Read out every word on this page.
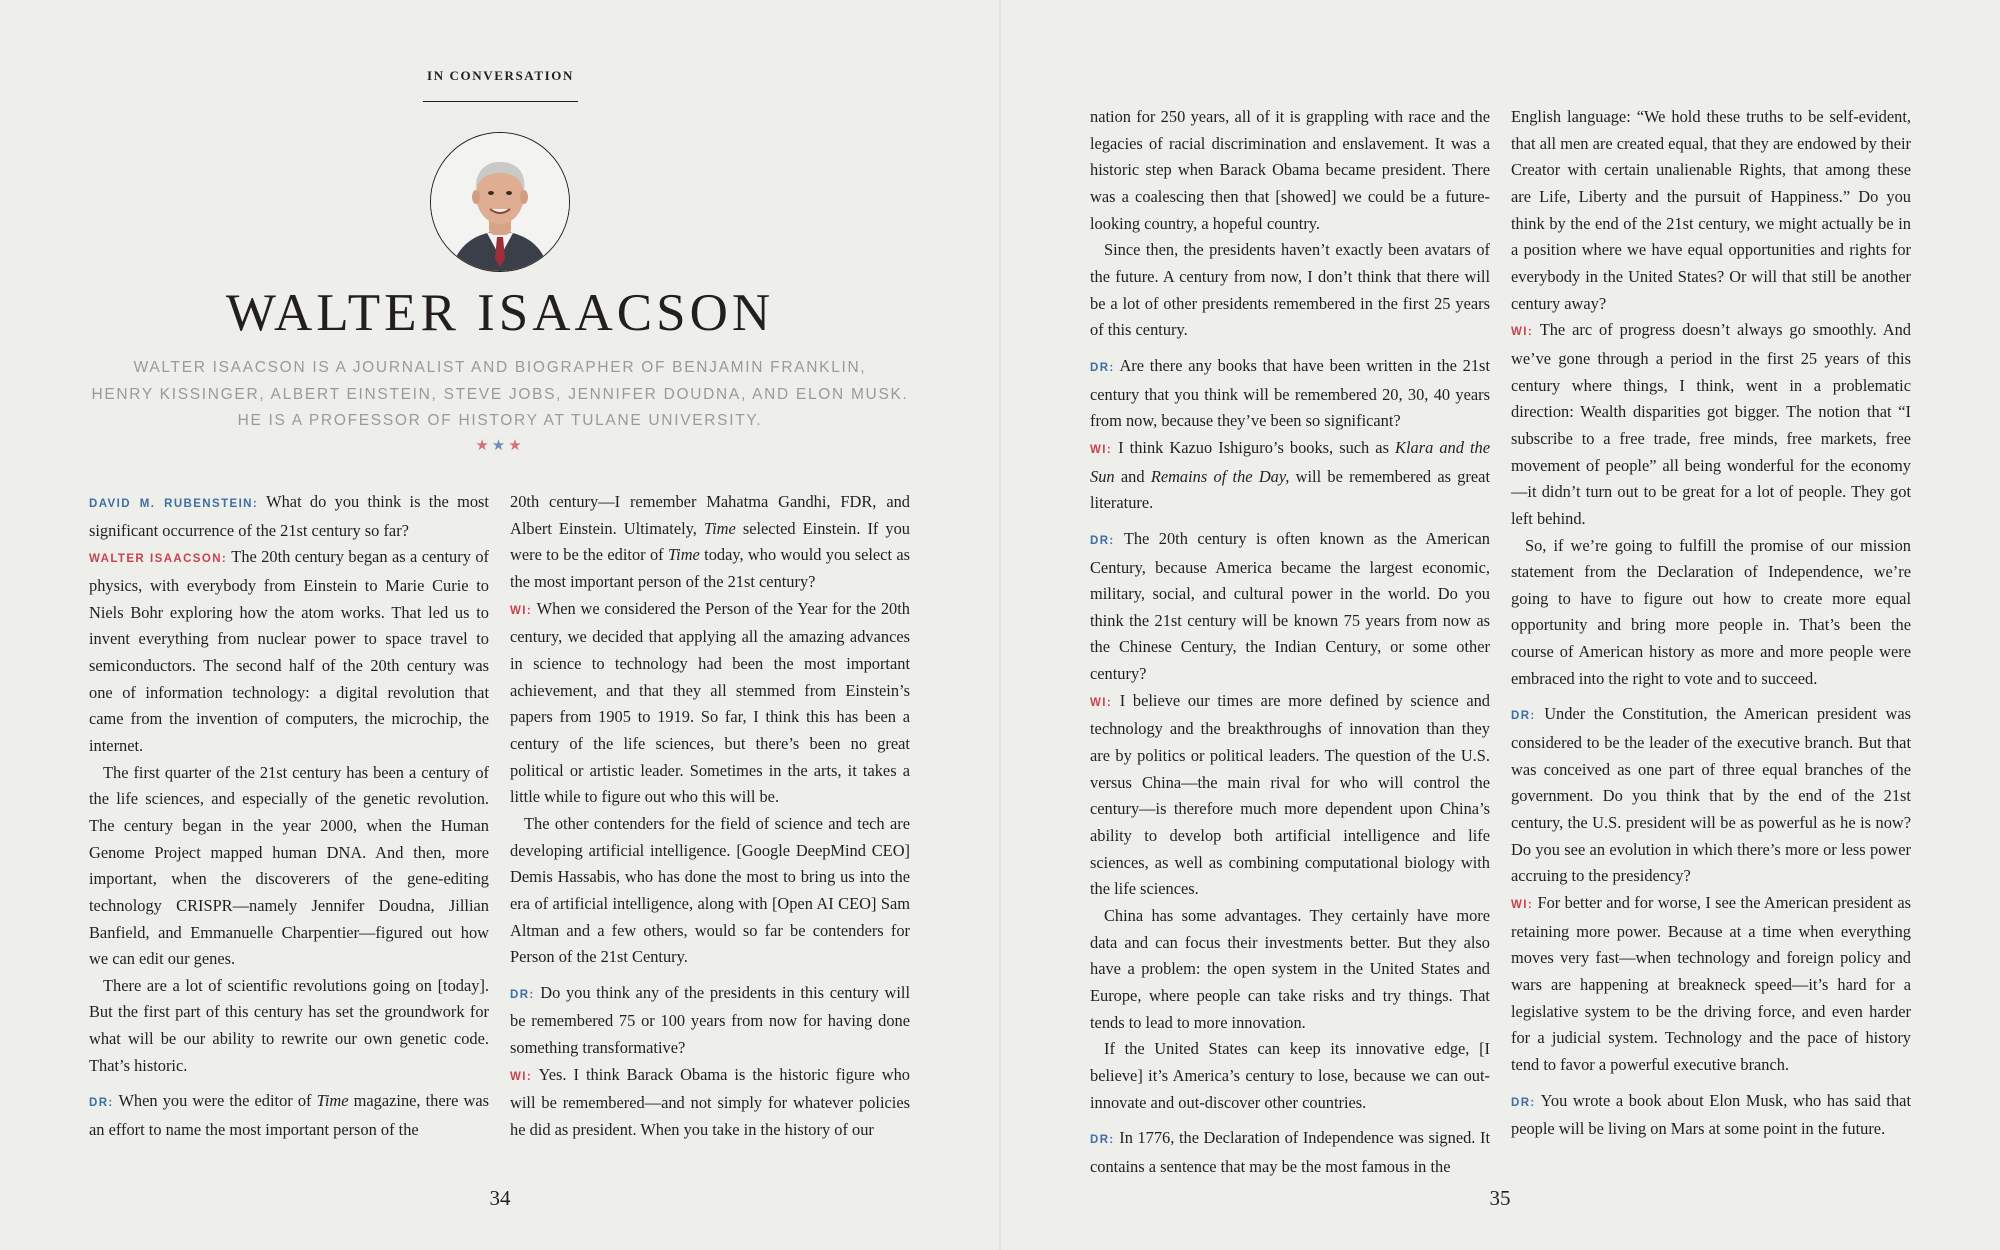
IN CONVERSATION
WALTER ISAACSON
WALTER ISAACSON IS A JOURNALIST AND BIOGRAPHER OF BENJAMIN FRANKLIN,
HENRY KISSINGER, ALBERT EINSTEIN, STEVE JOBS, JENNIFER DOUDNA, AND ELON MUSK.
HE IS A PROFESSOR OF HISTORY AT TULANE UNIVERSITY.
★★★

DAVID M. RUBENSTEIN: What do you think is the most significant occurrence of the 21st century so far?

WALTER ISAACSON: The 20th century began as a century of physics, with everybody from Einstein to Marie Curie to Niels Bohr exploring how the atom works. That led us to invent everything from nuclear power to space travel to semiconductors. The second half of the 20th century was one of information technology: a digital revolution that came from the invention of computers, the microchip, the internet.

The first quarter of the 21st century has been a century of the life sciences, and especially of the genetic revolution. The century began in the year 2000, when the Human Genome Project mapped human DNA. And then, more important, when the discoverers of the gene-editing technology CRISPR—namely Jennifer Doudna, Jillian Banfield, and Emmanuelle Charpentier—figured out how we can edit our genes.

There are a lot of scientific revolutions going on [today]. But the first part of this century has set the groundwork for what will be our ability to rewrite our own genetic code. That’s historic.

DR: When you were the editor of Time magazine, there was an effort to name the most important person of the

20th century—I remember Mahatma Gandhi, FDR, and Albert Einstein. Ultimately, Time selected Einstein. If you were to be the editor of Time today, who would you select as the most important person of the 21st century?

WI: When we considered the Person of the Year for the 20th century, we decided that applying all the amazing advances in science to technology had been the most important achievement, and that they all stemmed from Einstein’s papers from 1905 to 1919. So far, I think this has been a century of the life sciences, but there’s been no great political or artistic leader. Sometimes in the arts, it takes a little while to figure out who this will be.

The other contenders for the field of science and tech are developing artificial intelligence. [Google DeepMind CEO] Demis Hassabis, who has done the most to bring us into the era of artificial intelligence, along with [Open AI CEO] Sam Altman and a few others, would so far be contenders for Person of the 21st Century.

DR: Do you think any of the presidents in this century will be remembered 75 or 100 years from now for having done something transformative?

WI: Yes. I think Barack Obama is the historic figure who will be remembered—and not simply for whatever policies he did as president. When you take in the history of our

34

nation for 250 years, all of it is grappling with race and the legacies of racial discrimination and enslavement. It was a historic step when Barack Obama became president. There was a coalescing then that [showed] we could be a future-looking country, a hopeful country.

Since then, the presidents haven’t exactly been avatars of the future. A century from now, I don’t think that there will be a lot of other presidents remembered in the first 25 years of this century.

DR: Are there any books that have been written in the 21st century that you think will be remembered 20, 30, 40 years from now, because they’ve been so significant?

WI: I think Kazuo Ishiguro’s books, such as Klara and the Sun and Remains of the Day, will be remembered as great literature.

DR: The 20th century is often known as the American Century, because America became the largest economic, military, social, and cultural power in the world. Do you think the 21st century will be known 75 years from now as the Chinese Century, the Indian Century, or some other century?

WI: I believe our times are more defined by science and technology and the breakthroughs of innovation than they are by politics or political leaders. The question of the U.S. versus China—the main rival for who will control the century—is therefore much more dependent upon China’s ability to develop both artificial intelligence and life sciences, as well as combining computational biology with the life sciences.

China has some advantages. They certainly have more data and can focus their investments better. But they also have a problem: the open system in the United States and Europe, where people can take risks and try things. That tends to lead to more innovation.

If the United States can keep its innovative edge, [I believe] it’s America’s century to lose, because we can out-innovate and out-discover other countries.

DR: In 1776, the Declaration of Independence was signed. It contains a sentence that may be the most famous in the

English language: “We hold these truths to be self-evident, that all men are created equal, that they are endowed by their Creator with certain unalienable Rights, that among these are Life, Liberty and the pursuit of Happiness.” Do you think by the end of the 21st century, we might actually be in a position where we have equal opportunities and rights for everybody in the United States? Or will that still be another century away?

WI: The arc of progress doesn’t always go smoothly. And we’ve gone through a period in the first 25 years of this century where things, I think, went in a problematic direction: Wealth disparities got bigger. The notion that “I subscribe to a free trade, free minds, free markets, free movement of people” all being wonderful for the economy—it didn’t turn out to be great for a lot of people. They got left behind.

So, if we’re going to fulfill the promise of our mission statement from the Declaration of Independence, we’re going to have to figure out how to create more equal opportunity and bring more people in. That’s been the course of American history as more and more people were embraced into the right to vote and to succeed.

DR: Under the Constitution, the American president was considered to be the leader of the executive branch. But that was conceived as one part of three equal branches of the government. Do you think that by the end of the 21st century, the U.S. president will be as powerful as he is now? Do you see an evolution in which there’s more or less power accruing to the presidency?

WI: For better and for worse, I see the American president as retaining more power. Because at a time when everything moves very fast—when technology and foreign policy and wars are happening at breakneck speed—it’s hard for a legislative system to be the driving force, and even harder for a judicial system. Technology and the pace of history tend to favor a powerful executive branch.

DR: You wrote a book about Elon Musk, who has said that people will be living on Mars at some point in the future.

35
